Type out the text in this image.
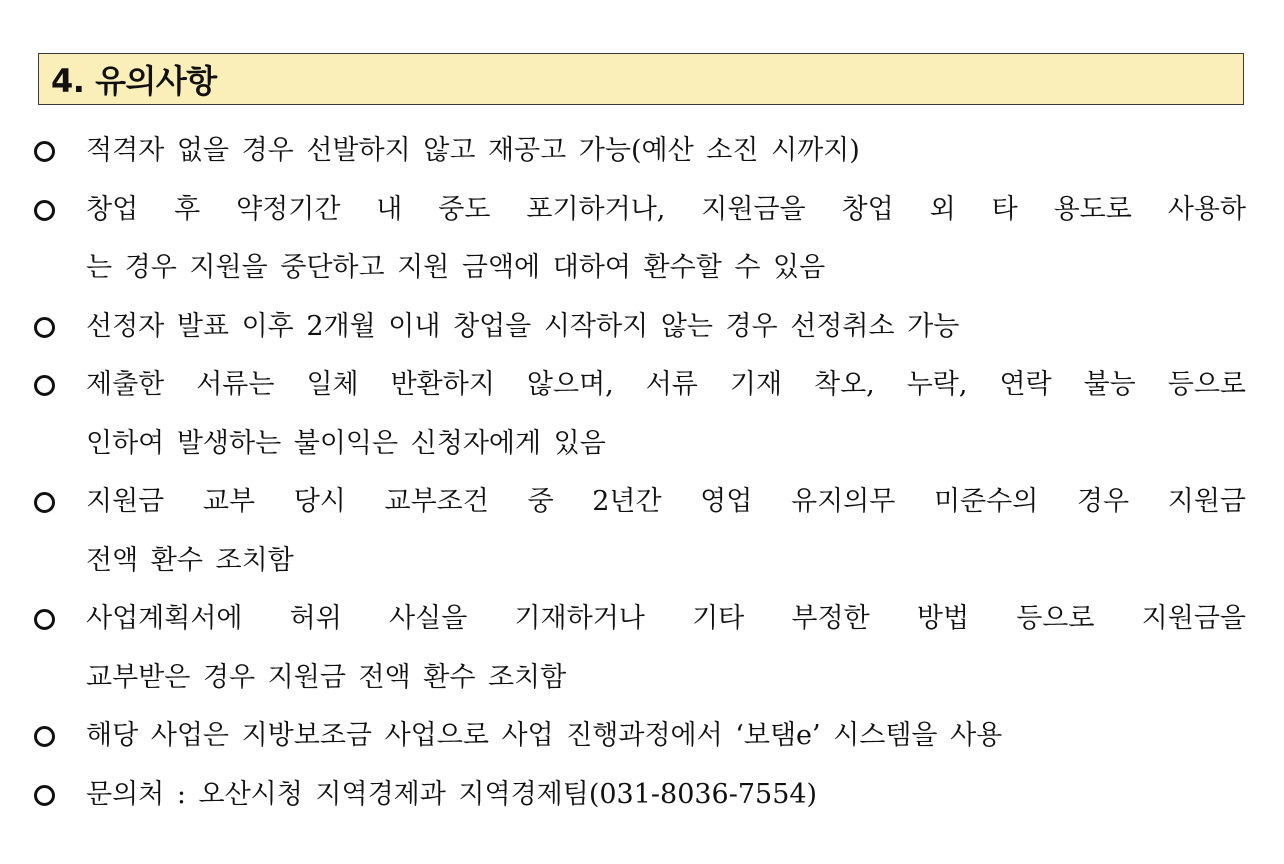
4. 유의사항
적격자 없을 경우 선발하지 않고 재공고 가능(예산 소진 시까지)
창업 후 약정기간 내 중도 포기하거나, 지원금을 창업 외 타 용도로 사용하
는 경우 지원을 중단하고 지원 금액에 대하여 환수할 수 있음
선정자 발표 이후 2개월 이내 창업을 시작하지 않는 경우 선정취소 가능
제출한 서류는 일체 반환하지 않으며, 서류 기재 착오, 누락, 연락 불능 등으로
인하여 발생하는 불이익은 신청자에게 있음
지원금 교부 당시 교부조건 중 2년간 영업 유지의무 미준수의 경우 지원금
전액 환수 조치함
사업계획서에 허위 사실을 기재하거나 기타 부정한 방법 등으로 지원금을
교부받은 경우 지원금 전액 환수 조치함
해당 사업은 지방보조금 사업으로 사업 진행과정에서 ‘보탬e’ 시스템을 사용
문의처 : 오산시청 지역경제과 지역경제팀(031-8036-7554)
